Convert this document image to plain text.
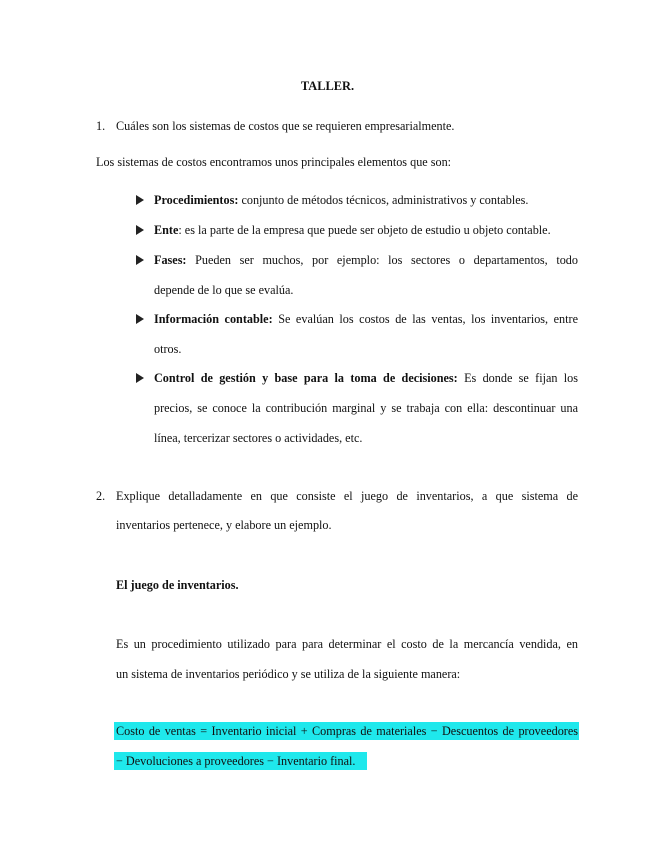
TALLER.
1. Cuáles son los sistemas de costos que se requieren empresarialmente.
Los sistemas de costos encontramos unos principales elementos que son:
Procedimientos: conjunto de métodos técnicos, administrativos y contables.
Ente: es la parte de la empresa que puede ser objeto de estudio u objeto contable.
Fases: Pueden ser muchos, por ejemplo: los sectores o departamentos, todo
depende de lo que se evalúa.
Información contable: Se evalúan los costos de las ventas, los inventarios, entre
otros.
Control de gestión y base para la toma de decisiones: Es donde se fijan los
precios, se conoce la contribución marginal y se trabaja con ella: descontinuar una
línea, tercerizar sectores o actividades, etc.
2. Explique detalladamente en que consiste el juego de inventarios, a que sistema de
inventarios pertenece, y elabore un ejemplo.
El juego de inventarios.
Es un procedimiento utilizado para para determinar el costo de la mercancía vendida, en
un sistema de inventarios periódico y se utiliza de la siguiente manera:
Costo de ventas = Inventario inicial + Compras de materiales − Descuentos de proveedores
− Devoluciones a proveedores − Inventario final.
